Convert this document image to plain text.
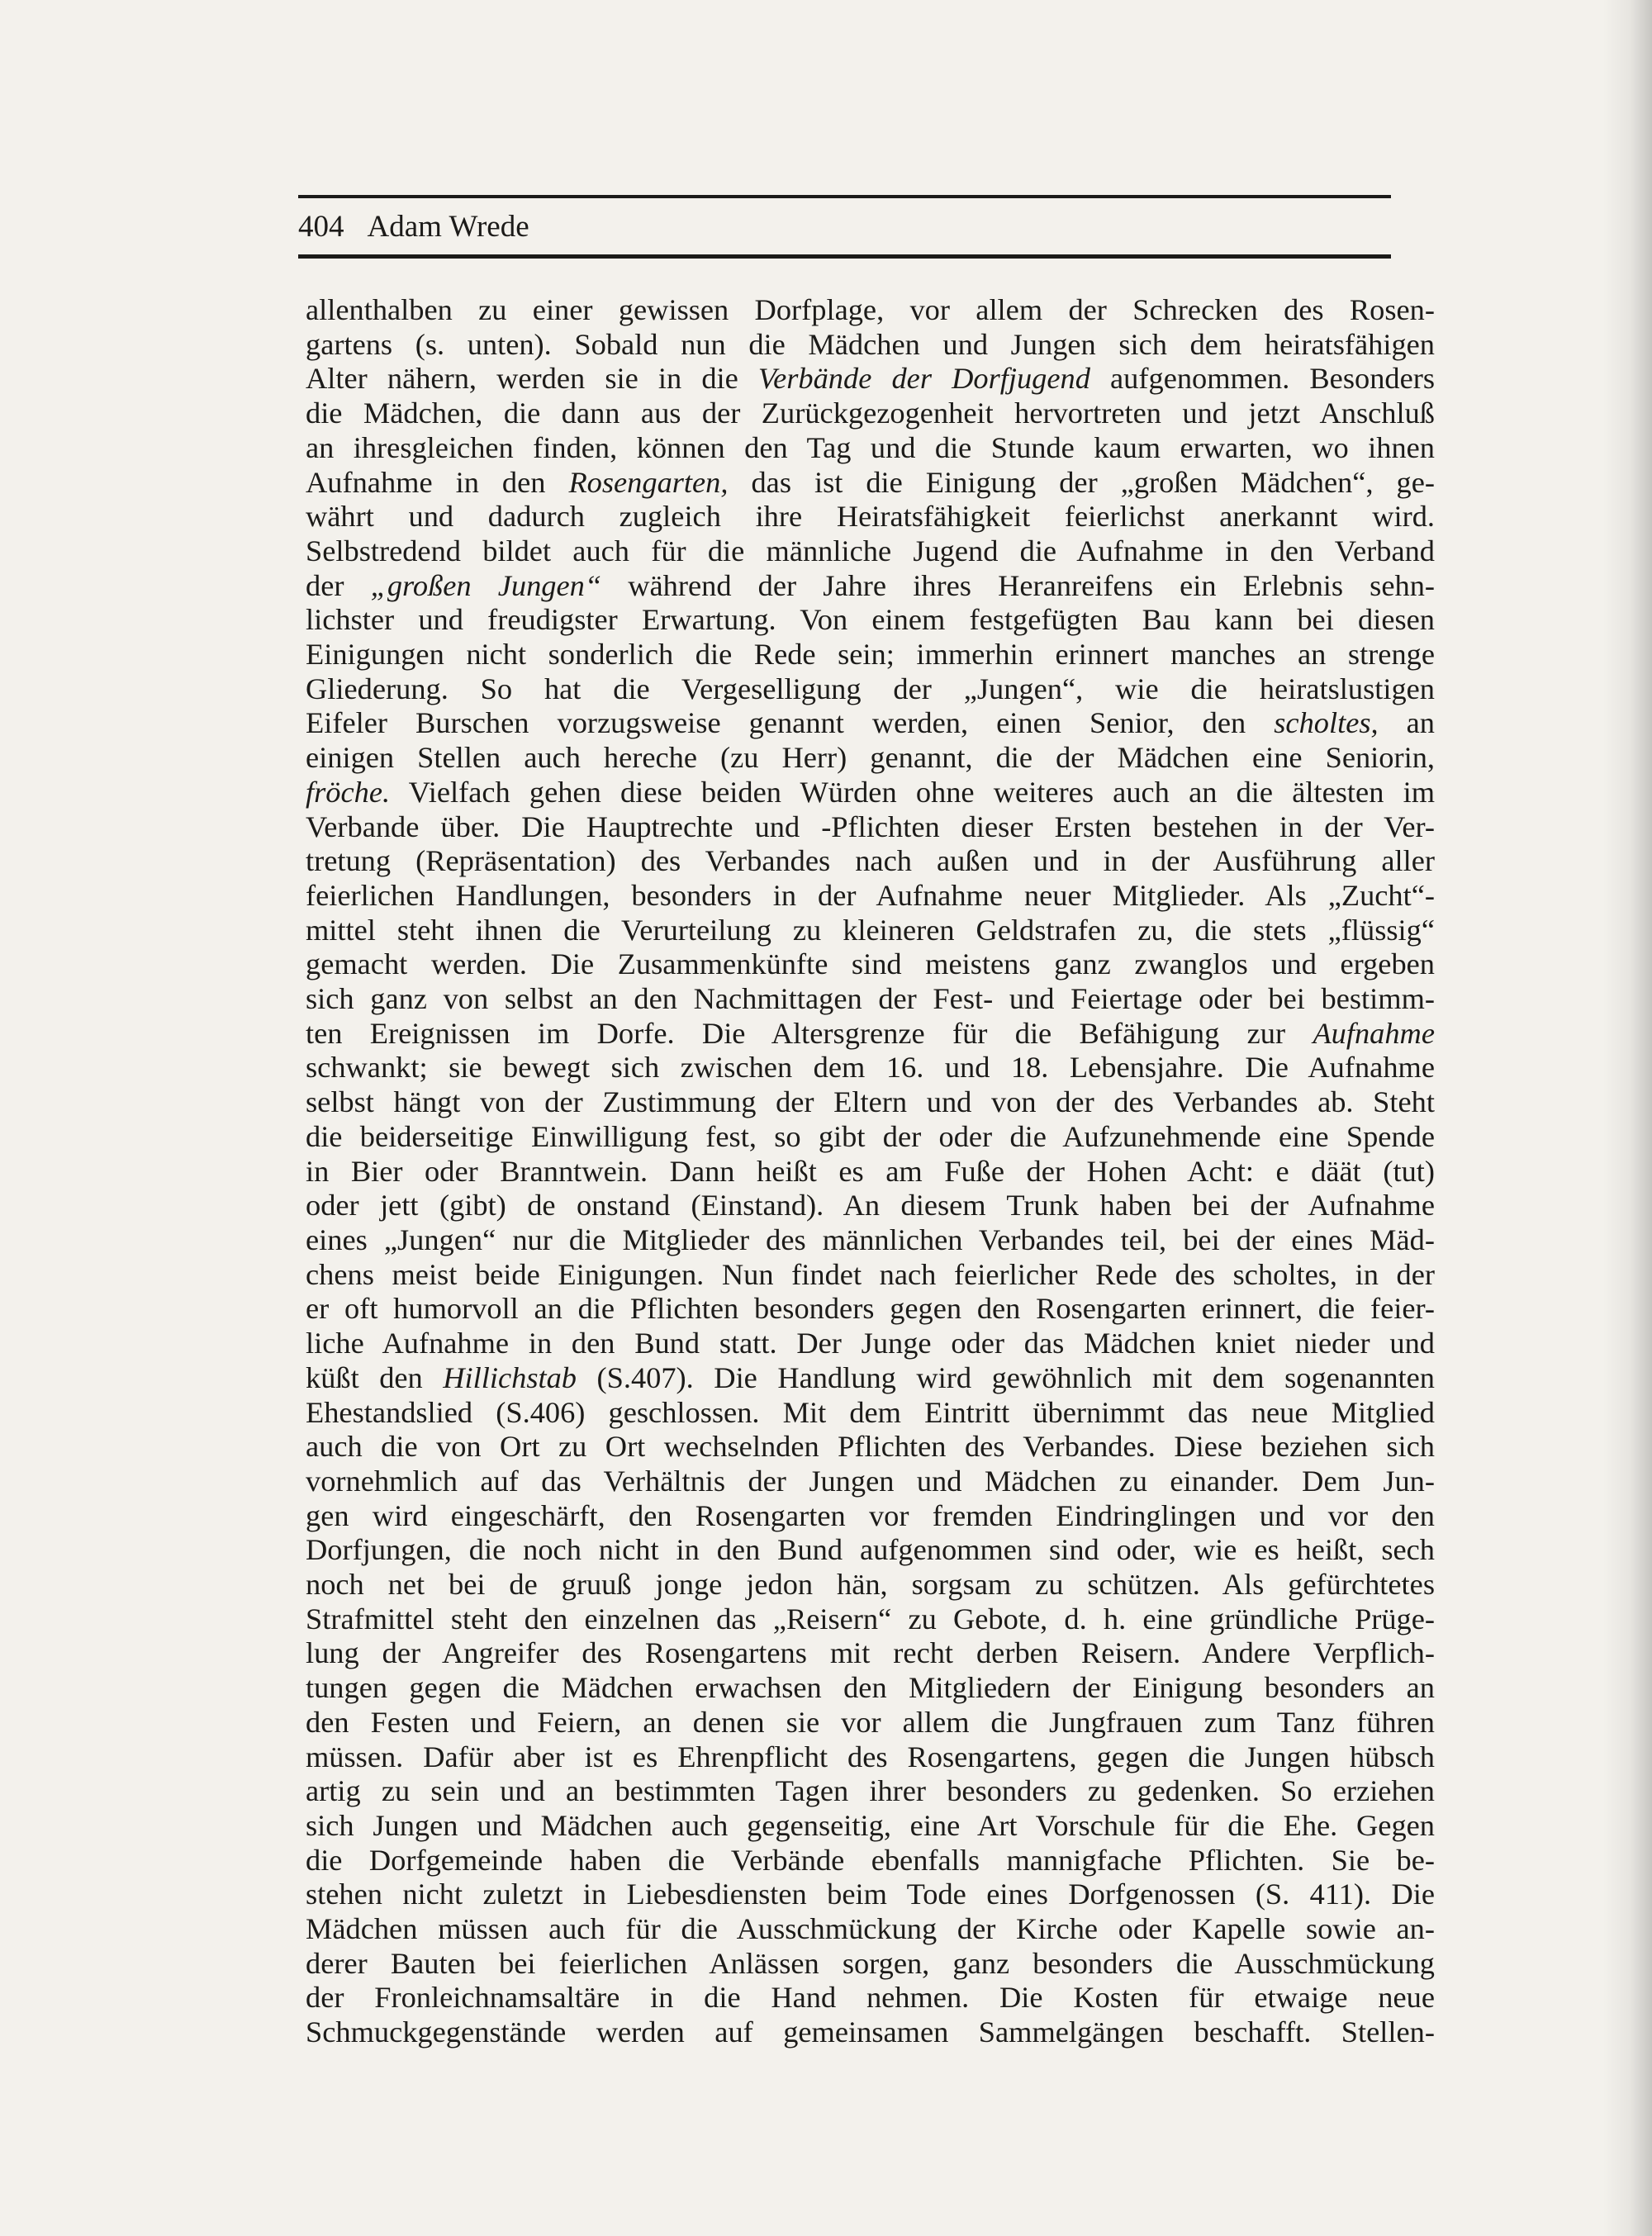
404 Adam Wrede
allenthalben zu einer gewissen Dorfplage, vor allem der Schrecken des Rosen-
gartens (s. unten). Sobald nun die Mädchen und Jungen sich dem heiratsfähigen
Alter nähern, werden sie in die Verbände der Dorfjugend aufgenommen. Besonders
die Mädchen, die dann aus der Zurückgezogenheit hervortreten und jetzt Anschluß
an ihresgleichen finden, können den Tag und die Stunde kaum erwarten, wo ihnen
Aufnahme in den Rosengarten, das ist die Einigung der „großen Mädchen“, ge-
währt und dadurch zugleich ihre Heiratsfähigkeit feierlichst anerkannt wird.
Selbstredend bildet auch für die männliche Jugend die Aufnahme in den Verband
der „großen Jungen“ während der Jahre ihres Heranreifens ein Erlebnis sehn-
lichster und freudigster Erwartung. Von einem festgefügten Bau kann bei diesen
Einigungen nicht sonderlich die Rede sein; immerhin erinnert manches an strenge
Gliederung. So hat die Vergeselligung der „Jungen“, wie die heiratslustigen
Eifeler Burschen vorzugsweise genannt werden, einen Senior, den scholtes, an
einigen Stellen auch hereche (zu Herr) genannt, die der Mädchen eine Seniorin,
fröche. Vielfach gehen diese beiden Würden ohne weiteres auch an die ältesten im
Verbande über. Die Hauptrechte und -Pflichten dieser Ersten bestehen in der Ver-
tretung (Repräsentation) des Verbandes nach außen und in der Ausführung aller
feierlichen Handlungen, besonders in der Aufnahme neuer Mitglieder. Als „Zucht“-
mittel steht ihnen die Verurteilung zu kleineren Geldstrafen zu, die stets „flüssig“
gemacht werden. Die Zusammenkünfte sind meistens ganz zwanglos und ergeben
sich ganz von selbst an den Nachmittagen der Fest- und Feiertage oder bei bestimm-
ten Ereignissen im Dorfe. Die Altersgrenze für die Befähigung zur Aufnahme
schwankt; sie bewegt sich zwischen dem 16. und 18. Lebensjahre. Die Aufnahme
selbst hängt von der Zustimmung der Eltern und von der des Verbandes ab. Steht
die beiderseitige Einwilligung fest, so gibt der oder die Aufzunehmende eine Spende
in Bier oder Branntwein. Dann heißt es am Fuße der Hohen Acht: e däät (tut)
oder jett (gibt) de onstand (Einstand). An diesem Trunk haben bei der Aufnahme
eines „Jungen“ nur die Mitglieder des männlichen Verbandes teil, bei der eines Mäd-
chens meist beide Einigungen. Nun findet nach feierlicher Rede des scholtes, in der
er oft humorvoll an die Pflichten besonders gegen den Rosengarten erinnert, die feier-
liche Aufnahme in den Bund statt. Der Junge oder das Mädchen kniet nieder und
küßt den Hillichstab (S.407). Die Handlung wird gewöhnlich mit dem sogenannten
Ehestandslied (S.406) geschlossen. Mit dem Eintritt übernimmt das neue Mitglied
auch die von Ort zu Ort wechselnden Pflichten des Verbandes. Diese beziehen sich
vornehmlich auf das Verhältnis der Jungen und Mädchen zu einander. Dem Jun-
gen wird eingeschärft, den Rosengarten vor fremden Eindringlingen und vor den
Dorfjungen, die noch nicht in den Bund aufgenommen sind oder, wie es heißt, sech
noch net bei de gruuß jonge jedon hän, sorgsam zu schützen. Als gefürchtetes
Strafmittel steht den einzelnen das „Reisern“ zu Gebote, d. h. eine gründliche Prüge-
lung der Angreifer des Rosengartens mit recht derben Reisern. Andere Verpflich-
tungen gegen die Mädchen erwachsen den Mitgliedern der Einigung besonders an
den Festen und Feiern, an denen sie vor allem die Jungfrauen zum Tanz führen
müssen. Dafür aber ist es Ehrenpflicht des Rosengartens, gegen die Jungen hübsch
artig zu sein und an bestimmten Tagen ihrer besonders zu gedenken. So erziehen
sich Jungen und Mädchen auch gegenseitig, eine Art Vorschule für die Ehe. Gegen
die Dorfgemeinde haben die Verbände ebenfalls mannigfache Pflichten. Sie be-
stehen nicht zuletzt in Liebesdiensten beim Tode eines Dorfgenossen (S. 411). Die
Mädchen müssen auch für die Ausschmückung der Kirche oder Kapelle sowie an-
derer Bauten bei feierlichen Anlässen sorgen, ganz besonders die Ausschmückung
der Fronleichnamsaltäre in die Hand nehmen. Die Kosten für etwaige neue
Schmuckgegenstände werden auf gemeinsamen Sammelgängen beschafft. Stellen-
